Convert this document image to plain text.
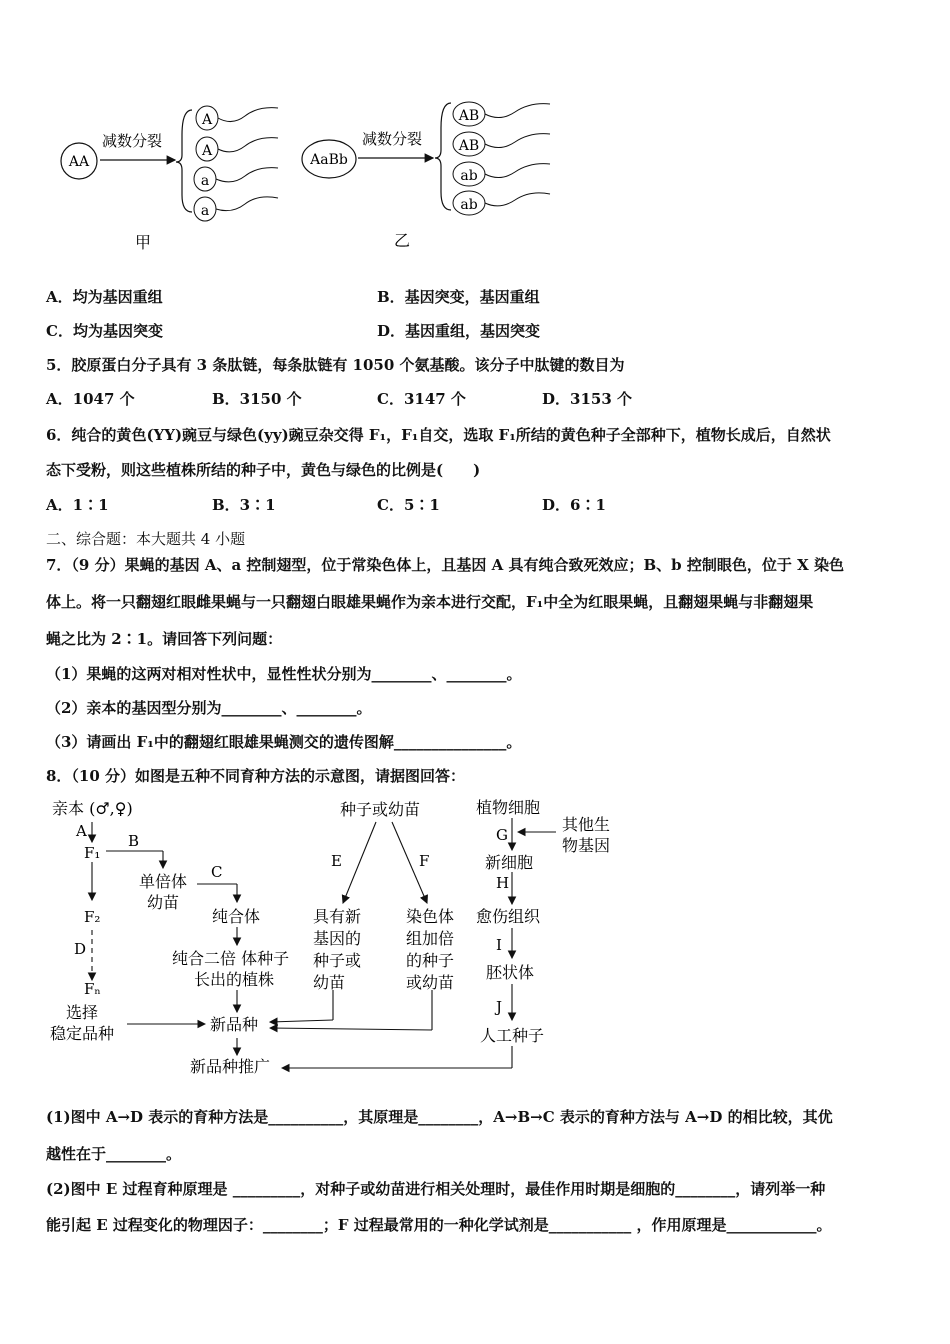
AA
减数分裂
A
A
a
a
甲
AaBb
减数分裂
AB
AB
ab
ab
乙
A．均为基因重组	B．基因突变，基因重组
C．均为基因突变	D．基因重组，基因突变
5．胶原蛋白分子具有 3 条肽链，每条肽链有 1050 个氨基酸。该分子中肽键的数目为
A．1047 个	B．3150 个	C．3147 个	D．3153 个
6．纯合的黄色(YY)豌豆与绿色(yy)豌豆杂交得 F₁，F₁自交，选取 F₁所结的黄色种子全部种下，植物长成后，自然状
态下受粉，则这些植株所结的种子中，黄色与绿色的比例是(　　)
A．1∶1	B．3∶1	C．5∶1	D．6∶1
二、综合题：本大题共 4 小题
7．（9 分）果蝇的基因 A、a 控制翅型，位于常染色体上，且基因 A 具有纯合致死效应；B、b 控制眼色，位于 X 染色
体上。将一只翻翅红眼雌果蝇与一只翻翅白眼雄果蝇作为亲本进行交配，F₁中全为红眼果蝇，且翻翅果蝇与非翻翅果
蝇之比为 2∶1。请回答下列问题：
（1）果蝇的这两对相对性状中，显性性状分别为________、________。
（2）亲本的基因型分别为________、________。
（3）请画出 F₁中的翻翅红眼雄果蝇测交的遗传图解_______________。
8．（10 分）如图是五种不同育种方法的示意图，请据图回答：
亲本 (♂,♀)
A
F₁
B
F₂
D
Fₙ
选择
稳定品种
单倍体
幼苗
C
纯合体
纯合二倍 体种子
长出的植株
新品种
新品种推广
种子或幼苗
E	F
具有新
基因的
种子或
幼苗
染色体
组加倍
的种子
或幼苗
植物细胞
G
其他生
物基因
新细胞
H
愈伤组织
I
胚状体
J
人工种子
(1)图中 A→D 表示的育种方法是__________，其原理是________，A→B→C 表示的育种方法与 A→D 的相比较，其优
越性在于________。
(2)图中 E 过程育种原理是 _________，对种子或幼苗进行相关处理时，最佳作用时期是细胞的________，请列举一种
能引起 E 过程变化的物理因子：________；F 过程最常用的一种化学试剂是___________ ，作用原理是____________。
